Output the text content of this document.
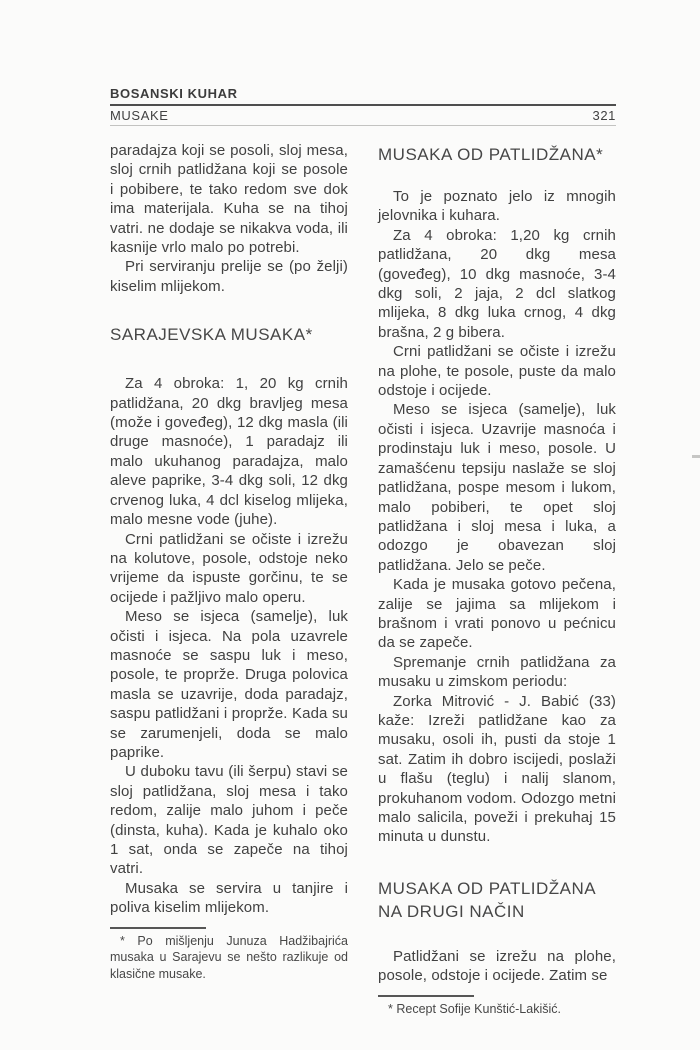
BOSANSKI KUHAR
MUSAKE	321

paradajza koji se posoli, sloj mesa, sloj crnih patlidžana koji se posole i pobibere, te tako redom sve dok ima materijala. Kuha se na tihoj vatri. ne dodaje se nikakva voda, ili kasnije vrlo malo po potrebi.

Pri serviranju prelije se (po želji) kiselim mlijekom.

SARAJEVSKA MUSAKA*

Za 4 obroka: 1, 20 kg crnih patlidžana, 20 dkg bravljeg mesa (može i goveđeg), 12 dkg masla (ili druge masnoće), 1 paradajz ili malo ukuhanog paradajza, malo aleve paprike, 3-4 dkg soli, 12 dkg crvenog luka, 4 dcl kiselog mlijeka, malo mesne vode (juhe).

Crni patlidžani se očiste i izrežu na kolutove, posole, odstoje neko vrijeme da ispuste gorčinu, te se ocijede i pažljivo malo operu.

Meso se isjeca (samelje), luk očisti i isjeca. Na pola uzavrele masnoće se saspu luk i meso, posole, te proprže. Druga polovica masla se uzavrije, doda paradajz, saspu patlidžani i proprže. Kada su se zarumenjeli, doda se malo paprike.

U duboku tavu (ili šerpu) stavi se sloj patlidžana, sloj mesa i tako redom, zalije malo juhom i peče (dinsta, kuha). Kada je kuhalo oko 1 sat, onda se zapeče na tihoj vatri.

Musaka se servira u tanjire i poliva kiselim mlijekom.

* Po mišljenju Junuza Hadžibajrića musaka u Sarajevu se nešto razlikuje od klasične musake.

MUSAKA OD PATLIDŽANA*

To je poznato jelo iz mnogih jelovnika i kuhara.

Za 4 obroka: 1,20 kg crnih patlidžana, 20 dkg mesa (goveđeg), 10 dkg masnoće, 3-4 dkg soli, 2 jaja, 2 dcl slatkog mlijeka, 8 dkg luka crnog, 4 dkg brašna, 2 g bibera.

Crni patlidžani se očiste i izrežu na plohe, te posole, puste da malo odstoje i ocijede.

Meso se isjeca (samelje), luk očisti i isjeca. Uzavrije masnoća i prodinstaju luk i meso, posole. U zamašćenu tepsiju naslaže se sloj patlidžana, pospe mesom i lukom, malo pobiberi, te opet sloj patlidžana i sloj mesa i luka, a odozgo je obavezan sloj patlidžana. Jelo se peče.

Kada je musaka gotovo pečena, zalije se jajima sa mlijekom i brašnom i vrati ponovo u pećnicu da se zapeče.

Spremanje crnih patlidžana za musaku u zimskom periodu:

Zorka Mitrović - J. Babić (33) kaže: Izreži patlidžane kao za musaku, osoli ih, pusti da stoje 1 sat. Zatim ih dobro iscijedi, poslaži u flašu (teglu) i nalij slanom, prokuhanom vodom. Odozgo metni malo salicila, poveži i prekuhaj 15 minuta u dunstu.

MUSAKA OD PATLIDŽANA
NA DRUGI NAČIN

Patlidžani se izrežu na plohe, posole, odstoje i ocijede. Zatim se

* Recept Sofije Kunštić-Lakišić.
